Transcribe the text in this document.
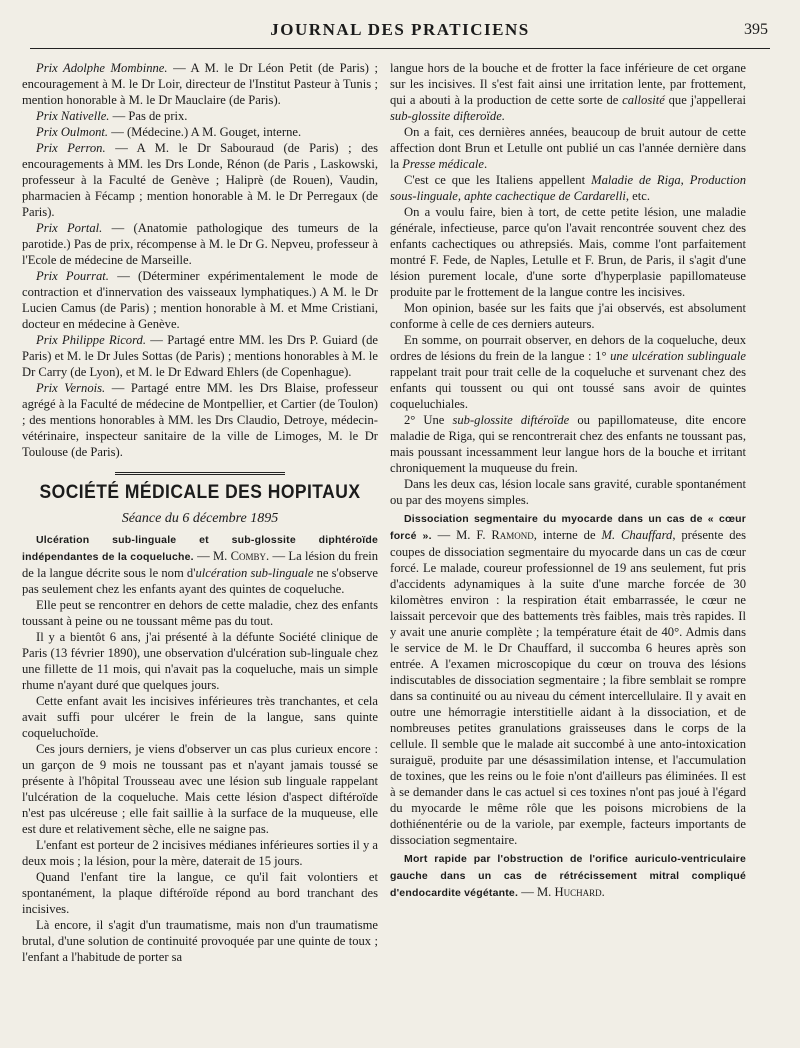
JOURNAL DES PRATICIENS	395

Prix Adolphe Mombinne. — A M. le Dr Léon Petit (de Paris) ; encouragement à M. le Dr Loir, directeur de l'Institut Pasteur à Tunis ; mention honorable à M. le Dr Mauclaire (de Paris).

Prix Nativelle. — Pas de prix.

Prix Oulmont. — (Médecine.) A M. Gouget, interne.

Prix Perron. — A M. le Dr Sabouraud (de Paris) ; des encouragements à MM. les Drs Londe, Rénon (de Paris , Laskowski, professeur à la Faculté de Genève ; Haliprè (de Rouen), Vaudin, pharmacien à Fécamp ; mention honorable à M. le Dr Perregaux (de Paris).

Prix Portal. — (Anatomie pathologique des tumeurs de la parotide.) Pas de prix, récompense à M. le Dr G. Nepveu, professeur à l'Ecole de médecine de Marseille.

Prix Pourrat. — (Déterminer expérimentalement le mode de contraction et d'innervation des vaisseaux lymphatiques.) A M. le Dr Lucien Camus (de Paris) ; mention honorable à M. et Mme Cristiani, docteur en médecine à Genève.

Prix Philippe Ricord. — Partagé entre MM. les Drs P. Guiard (de Paris) et M. le Dr Jules Sottas (de Paris) ; mentions honorables à M. le Dr Carry (de Lyon), et M. le Dr Edward Ehlers (de Copenhague).

Prix Vernois. — Partagé entre MM. les Drs Blaise, professeur agrégé à la Faculté de médecine de Montpellier, et Cartier (de Toulon) ; des mentions honorables à MM. les Drs Claudio, Detroye, médecin-vétérinaire, inspecteur sanitaire de la ville de Limoges, M. le Dr Toulouse (de Paris).

SOCIÉTÉ MÉDICALE DES HOPITAUX
Séance du 6 décembre 1895

Ulcération sub-linguale et sub-glossite diphtéroïde indépendantes de la coqueluche. — M. Comby. — La lésion du frein de la langue décrite sous le nom d'ulcération sub-linguale ne s'observe pas seulement chez les enfants ayant des quintes de coqueluche.

Elle peut se rencontrer en dehors de cette maladie, chez des enfants toussant à peine ou ne toussant même pas du tout.

Il y a bientôt 6 ans, j'ai présenté à la défunte Société clinique de Paris (13 février 1890), une observation d'ulcération sub-linguale chez une fillette de 11 mois, qui n'avait pas la coqueluche, mais un simple rhume n'ayant duré que quelques jours.

Cette enfant avait les incisives inférieures très tranchantes, et cela avait suffi pour ulcérer le frein de la langue, sans quinte coqueluchoïde.

Ces jours derniers, je viens d'observer un cas plus curieux encore : un garçon de 9 mois ne toussant pas et n'ayant jamais toussé se présente à l'hôpital Trousseau avec une lésion sub linguale rappelant l'ulcération de la coqueluche. Mais cette lésion d'aspect diftéroïde n'est pas ulcéreuse ; elle fait saillie à la surface de la muqueuse, elle est dure et relativement sèche, elle ne saigne pas.

L'enfant est porteur de 2 incisives médianes inférieures sorties il y a deux mois ; la lésion, pour la mère, daterait de 15 jours.

Quand l'enfant tire la langue, ce qu'il fait volontiers et spontanément, la plaque diftéroïde répond au bord tranchant des incisives.

Là encore, il s'agit d'un traumatisme, mais non d'un traumatisme brutal, d'une solution de continuité provoquée par une quinte de toux ; l'enfant a l'habitude de porter sa

langue hors de la bouche et de frotter la face inférieure de cet organe sur les incisives. Il s'est fait ainsi une irritation lente, par frottement, qui a abouti à la production de cette sorte de callosité que j'appellerai sub-glossite difteroïde.

On a fait, ces dernières années, beaucoup de bruit autour de cette affection dont Brun et Letulle ont publié un cas l'année dernière dans la Presse médicale.

C'est ce que les Italiens appellent Maladie de Riga, Production sous-linguale, aphte cachectique de Cardarelli, etc.

On a voulu faire, bien à tort, de cette petite lésion, une maladie générale, infectieuse, parce qu'on l'avait rencontrée souvent chez des enfants cachectiques ou athrepsiés. Mais, comme l'ont parfaitement montré F. Fede, de Naples, Letulle et F. Brun, de Paris, il s'agit d'une lésion purement locale, d'une sorte d'hyperplasie papillomateuse produite par le frottement de la langue contre les incisives.

Mon opinion, basée sur les faits que j'ai observés, est absolument conforme à celle de ces derniers auteurs.

En somme, on pourrait observer, en dehors de la coqueluche, deux ordres de lésions du frein de la langue : 1° une ulcération sublinguale rappelant trait pour trait celle de la coqueluche et survenant chez des enfants qui toussent ou qui ont toussé sans avoir de quintes coqueluchiales.

2° Une sub-glossite diftéroïde ou papillomateuse, dite encore maladie de Riga, qui se rencontrerait chez des enfants ne toussant pas, mais poussant incessamment leur langue hors de la bouche et irritant chroniquement la muqueuse du frein.

Dans les deux cas, lésion locale sans gravité, curable spontanément ou par des moyens simples.

Dissociation segmentaire du myocarde dans un cas de « cœur forcé ». — M. F. Ramond, interne de M. Chauffard, présente des coupes de dissociation segmentaire du myocarde dans un cas de cœur forcé. Le malade, coureur professionnel de 19 ans seulement, fut pris d'accidents adynamiques à la suite d'une marche forcée de 30 kilomètres environ : la respiration était embarrassée, le cœur ne laissait percevoir que des battements très faibles, mais très rapides. Il y avait une anurie complète ; la température était de 40°. Admis dans le service de M. le Dr Chauffard, il succomba 6 heures après son entrée. A l'examen microscopique du cœur on trouva des lésions indiscutables de dissociation segmentaire ; la fibre semblait se rompre dans sa continuité ou au niveau du cément intercellulaire. Il y avait en outre une hémorragie interstitielle aidant à la dissociation, et de nombreuses petites granulations graisseuses dans le corps de la cellule. Il semble que le malade ait succombé à une anto-intoxication suraiguë, produite par une désassimilation intense, et l'accumulation de toxines, que les reins ou le foie n'ont d'ailleurs pas éliminées. Il est à se demander dans le cas actuel si ces toxines n'ont pas joué à l'égard du myocarde le même rôle que les poisons microbiens de la dothiénentérie ou de la variole, par exemple, facteurs importants de dissociation segmentaire.

Mort rapide par l'obstruction de l'orifice auriculo-ventriculaire gauche dans un cas de rétrécissement mitral compliqué d'endocardite végétante. — M. Huchard.
